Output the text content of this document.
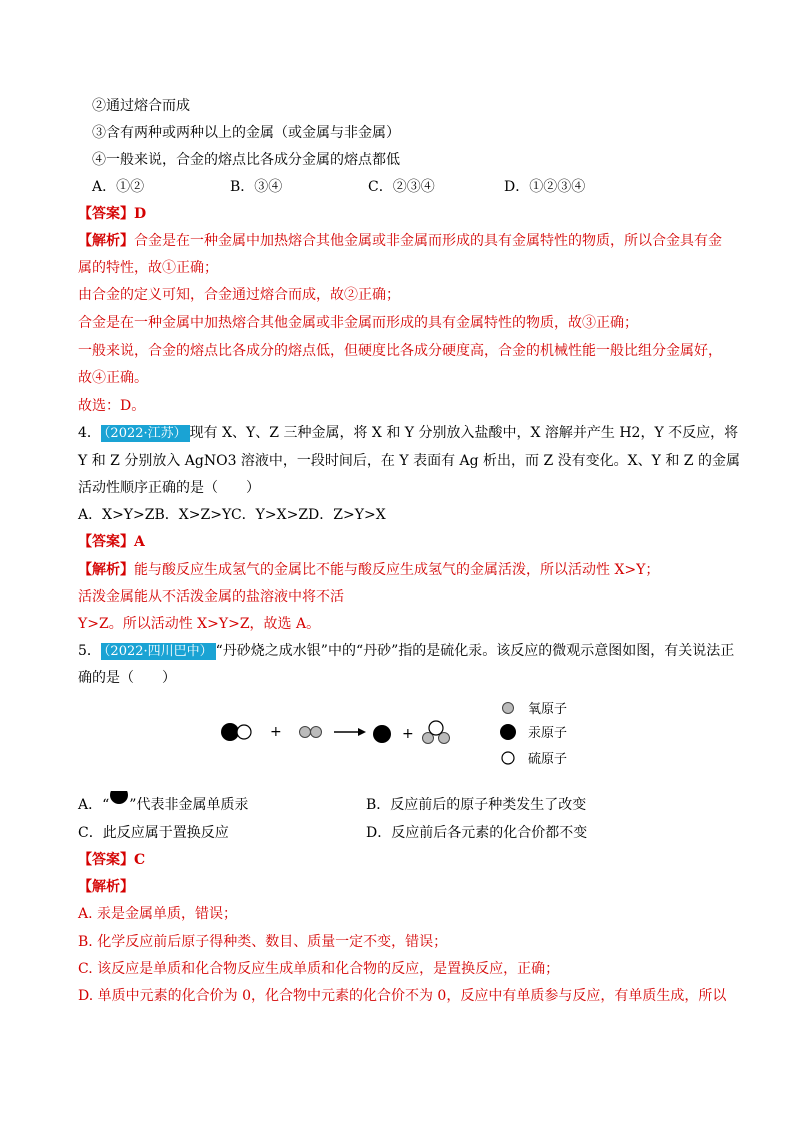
②通过熔合而成
③含有两种或两种以上的金属（或金属与非金属）
④一般来说，合金的熔点比各成分金属的熔点都低
A．①②	B．③④	C．②③④	D．①②③④
【答案】D
【解析】合金是在一种金属中加热熔合其他金属或非金属而形成的具有金属特性的物质，所以合金具有金
属的特性，故①正确；
由合金的定义可知，合金通过熔合而成，故②正确；
合金是在一种金属中加热熔合其他金属或非金属而形成的具有金属特性的物质，故③正确；
一般来说，合金的熔点比各成分的熔点低，但硬度比各成分硬度高，合金的机械性能一般比组分金属好，
故④正确。
故选：D。
4． （2022·江苏） 现有 X、Y、Z 三种金属，将 X 和 Y 分别放入盐酸中，X 溶解并产生 H2，Y 不反应，将
Y 和 Z 分别放入 AgNO3 溶液中，一段时间后，在 Y 表面有 Ag 析出，而 Z 没有变化。X、Y 和 Z 的金属
活动性顺序正确的是（　　）
A．X>Y>ZB．X>Z>YC．Y>X>ZD．Z>Y>X
【答案】A
【解析】能与酸反应生成氢气的金属比不能与酸反应生成氢气的金属活泼，所以活动性 X>Y；
活泼金属能从不活泼金属的盐溶液中将不活
Y>Z。所以活动性 X>Y>Z，故选 A。
5． （2022·四川巴中） “丹砂烧之成水银”中的“丹砂”指的是硫化汞。该反应的微观示意图如图，有关说法正
确的是（　　）
+	+
氧原子
汞原子
硫原子
A．“ ”代表非金属单质汞	B．反应前后的原子种类发生了改变
C．此反应属于置换反应	D．反应前后各元素的化合价都不变
【答案】C
【解析】
A. 汞是金属单质，错误；
B. 化学反应前后原子得种类、数目、质量一定不变，错误；
C. 该反应是单质和化合物反应生成单质和化合物的反应，是置换反应，正确；
D. 单质中元素的化合价为 0，化合物中元素的化合价不为 0，反应中有单质参与反应，有单质生成，所以
